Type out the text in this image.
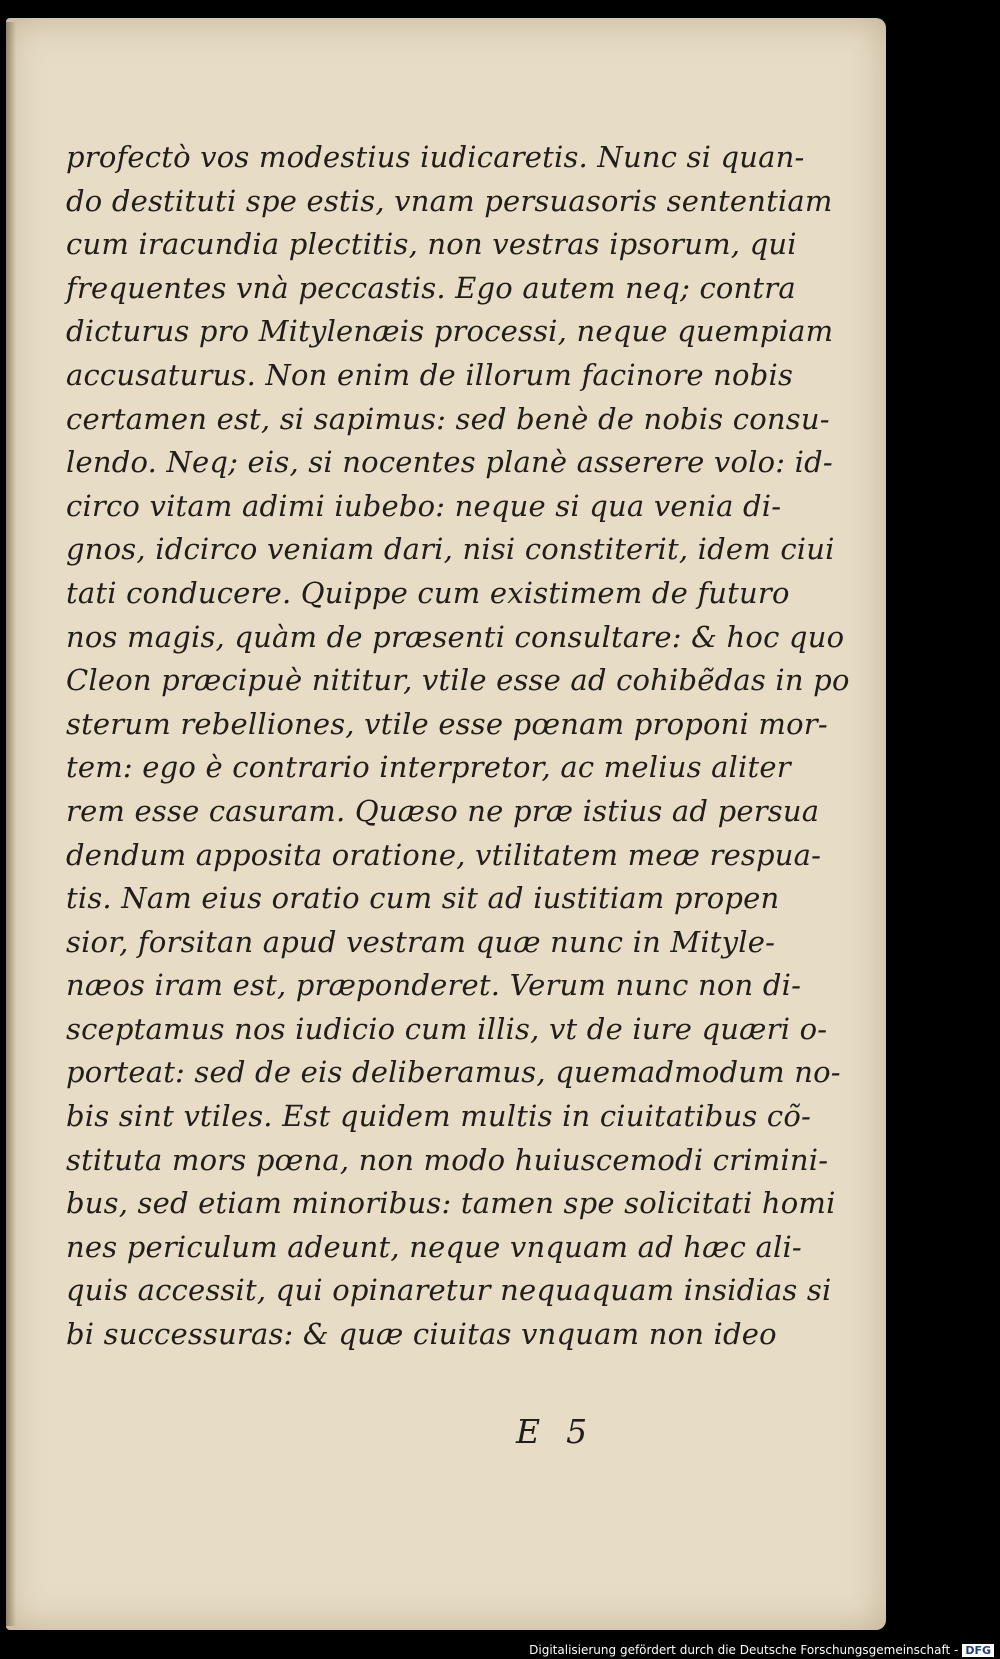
profectò vos modestius iudicaretis. Nunc si quan-
do destituti spe estis, vnam persuasoris sententiam
cum iracundia plectitis, non vestras ipsorum, qui
frequentes vnà peccastis. Ego autem neq; contra
dicturus pro Mitylenæis processi, neque quempiam
accusaturus. Non enim de illorum facinore nobis
certamen est, si sapimus: sed benè de nobis consu-
lendo. Neq; eis, si nocentes planè asserere volo: id-
circo vitam adimi iubebo: neque si qua venia di-
gnos, idcirco veniam dari, nisi constiterit, idem ciui
tati conducere. Quippe cum existimem de futuro
nos magis, quàm de præsenti consultare: & hoc quo
Cleon præcipuè nititur, vtile esse ad cohibẽdas in po
sterum rebelliones, vtile esse pœnam proponi mor-
tem: ego è contrario interpretor, ac melius aliter
rem esse casuram. Quæso ne præ istius ad persua
dendum apposita oratione, vtilitatem meæ respua-
tis. Nam eius oratio cum sit ad iustitiam propen
sior, forsitan apud vestram quæ nunc in Mityle-
næos iram est, præponderet. Verum nunc non di-
sceptamus nos iudicio cum illis, vt de iure quæri o-
porteat: sed de eis deliberamus, quemadmodum no-
bis sint vtiles. Est quidem multis in ciuitatibus cõ-
stituta mors pœna, non modo huiuscemodi crimini-
bus, sed etiam minoribus: tamen spe solicitati homi
nes periculum adeunt, neque vnquam ad hæc ali-
quis accessit, qui opinaretur nequaquam insidias si
bi successuras: & quæ ciuitas vnquam non ideo
E 5
Digitalisierung gefördert durch die Deutsche Forschungsgemeinschaft - DFG
